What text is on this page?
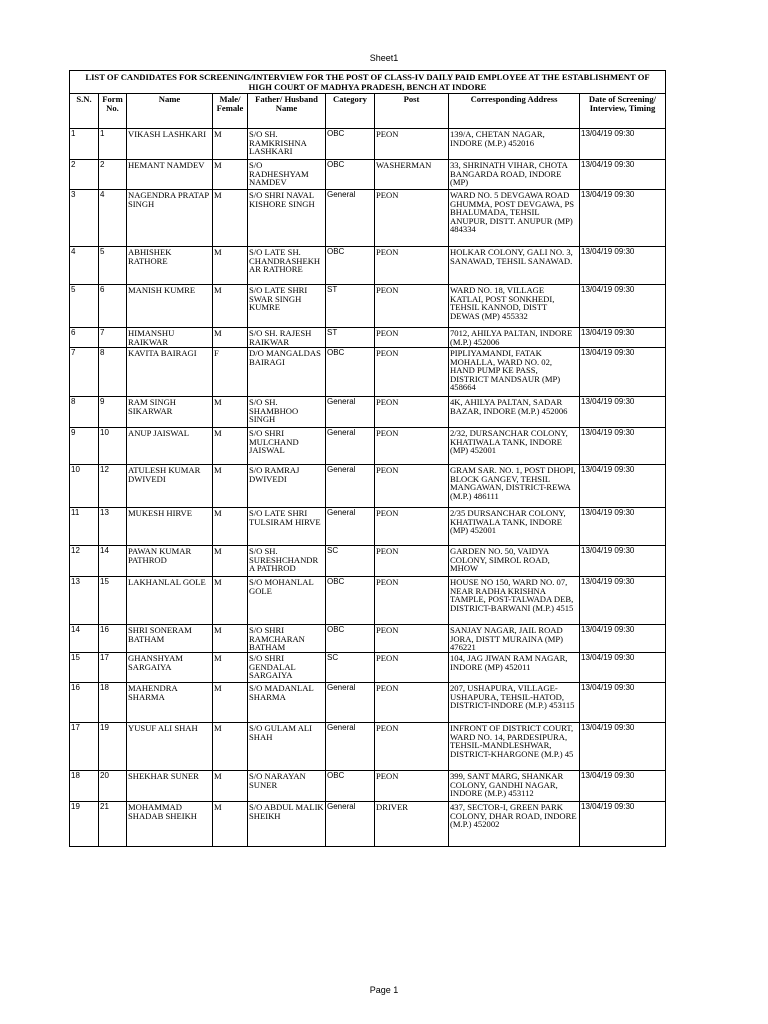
Sheet1
LIST OF CANDIDATES FOR SCREENING/INTERVIEW FOR THE POST OF CLASS-IV DAILY PAID EMPLOYEE AT THE ESTABLISHMENT OF HIGH COURT OF MADHYA PRADESH, BENCH AT INDORE								
S.N.	Form No.	Name	Male/ Female	Father/ Husband Name	Category	Post	Corresponding Address	Date of Screening/ Interview, Timing
1	1	VIKASH LASHKARI	M	S/O SH. RAMKRISHNA LASHKARI	OBC	PEON	139/A, CHETAN NAGAR, INDORE (M.P.) 452016	13/04/19 09:30
2	2	HEMANT NAMDEV	M	S/O RADHESHYAM NAMDEV	OBC	WASHERMAN	33, SHRINATH VIHAR, CHOTA BANGARDA ROAD, INDORE (MP)	13/04/19 09:30
3	4	NAGENDRA PRATAP SINGH	M	S/O SHRI NAVAL KISHORE SINGH	General	PEON	WARD NO. 5 DEVGAWA ROAD GHUMMA, POST DEVGAWA, PS BHALUMADA, TEHSIL ANUPUR, DISTT. ANUPUR (MP) 484334	13/04/19 09:30
4	5	ABHISHEK RATHORE	M	S/O LATE SH. CHANDRASHEKHAR RATHORE	OBC	PEON	HOLKAR COLONY, GALI NO. 3, SANAWAD, TEHSIL SANAWAD.	13/04/19 09:30
5	6	MANISH KUMRE	M	S/O LATE SHRI SWAR SINGH KUMRE	ST	PEON	WARD NO. 18, VILLAGE KATLAI, POST SONKHEDI, TEHSIL KANNOD, DISTT DEWAS (MP) 455332	13/04/19 09:30
6	7	HIMANSHU RAIKWAR	M	S/O SH. RAJESH RAIKWAR	ST	PEON	7012, AHILYA PALTAN, INDORE (M.P.) 452006	13/04/19 09:30
7	8	KAVITA BAIRAGI	F	D/O MANGALDAS BAIRAGI	OBC	PEON	PIPLIYAMANDI, FATAK MOHALLA, WARD NO. 02, HAND PUMP KE PASS, DISTRICT MANDSAUR (MP) 458664	13/04/19 09:30
8	9	RAM SINGH SIKARWAR	M	S/O SH. SHAMBHOO SINGH	General	PEON	4K, AHILYA PALTAN, SADAR BAZAR, INDORE (M.P.) 452006	13/04/19 09:30
9	10	ANUP JAISWAL	M	S/O SHRI MULCHAND JAISWAL	General	PEON	2/32, DURSANCHAR COLONY, KHATIWALA TANK, INDORE (MP) 452001	13/04/19 09:30
10	12	ATULESH KUMAR DWIVEDI	M	S/O RAMRAJ DWIVEDI	General	PEON	GRAM SAR. NO. 1, POST DHOPI, BLOCK GANGEV, TEHSIL MANGAWAN, DISTRICT-REWA (M.P.) 486111	13/04/19 09:30
11	13	MUKESH HIRVE	M	S/O LATE SHRI TULSIRAM HIRVE	General	PEON	2/35 DURSANCHAR COLONY, KHATIWALA TANK, INDORE (MP) 452001	13/04/19 09:30
12	14	PAWAN KUMAR PATHROD	M	S/O SH. SURESHCHANDRA PATHROD	SC	PEON	GARDEN NO. 50, VAIDYA COLONY, SIMROL ROAD, MHOW	13/04/19 09:30
13	15	LAKHANLAL GOLE	M	S/O MOHANLAL GOLE	OBC	PEON	HOUSE NO 150, WARD NO. 07, NEAR RADHA KRISHNA TAMPLE, POST-TALWADA DEB, DISTRICT-BARWANI (M.P.) 4515	13/04/19 09:30
14	16	SHRI SONERAM BATHAM	M	S/O SHRI RAMCHARAN BATHAM	OBC	PEON	SANJAY NAGAR, JAIL ROAD JORA, DISTT MURAINA (MP) 476221	13/04/19 09:30
15	17	GHANSHYAM SARGAIYA	M	S/O SHRI GENDALAL SARGAIYA	SC	PEON	104, JAG JIWAN RAM NAGAR, INDORE (MP) 452011	13/04/19 09:30
16	18	MAHENDRA SHARMA	M	S/O MADANLAL SHARMA	General	PEON	207, USHAPURA, VILLAGE-USHAPURA, TEHSIL-HATOD, DISTRICT-INDORE (M.P.) 453115	13/04/19 09:30
17	19	YUSUF ALI SHAH	M	S/O GULAM ALI SHAH	General	PEON	INFRONT OF DISTRICT COURT, WARD NO. 14, PARDESIPURA, TEHSIL-MANDLESHWAR, DISTRICT-KHARGONE (M.P.) 45	13/04/19 09:30
18	20	SHEKHAR SUNER	M	S/O NARAYAN SUNER	OBC	PEON	399, SANT MARG, SHANKAR COLONY, GANDHI NAGAR, INDORE (M.P.) 453112	13/04/19 09:30
19	21	MOHAMMAD SHADAB SHEIKH	M	S/O ABDUL MALIK SHEIKH	General	DRIVER	437, SECTOR-I, GREEN PARK COLONY, DHAR ROAD, INDORE (M.P.) 452002	13/04/19 09:30
Page 1
